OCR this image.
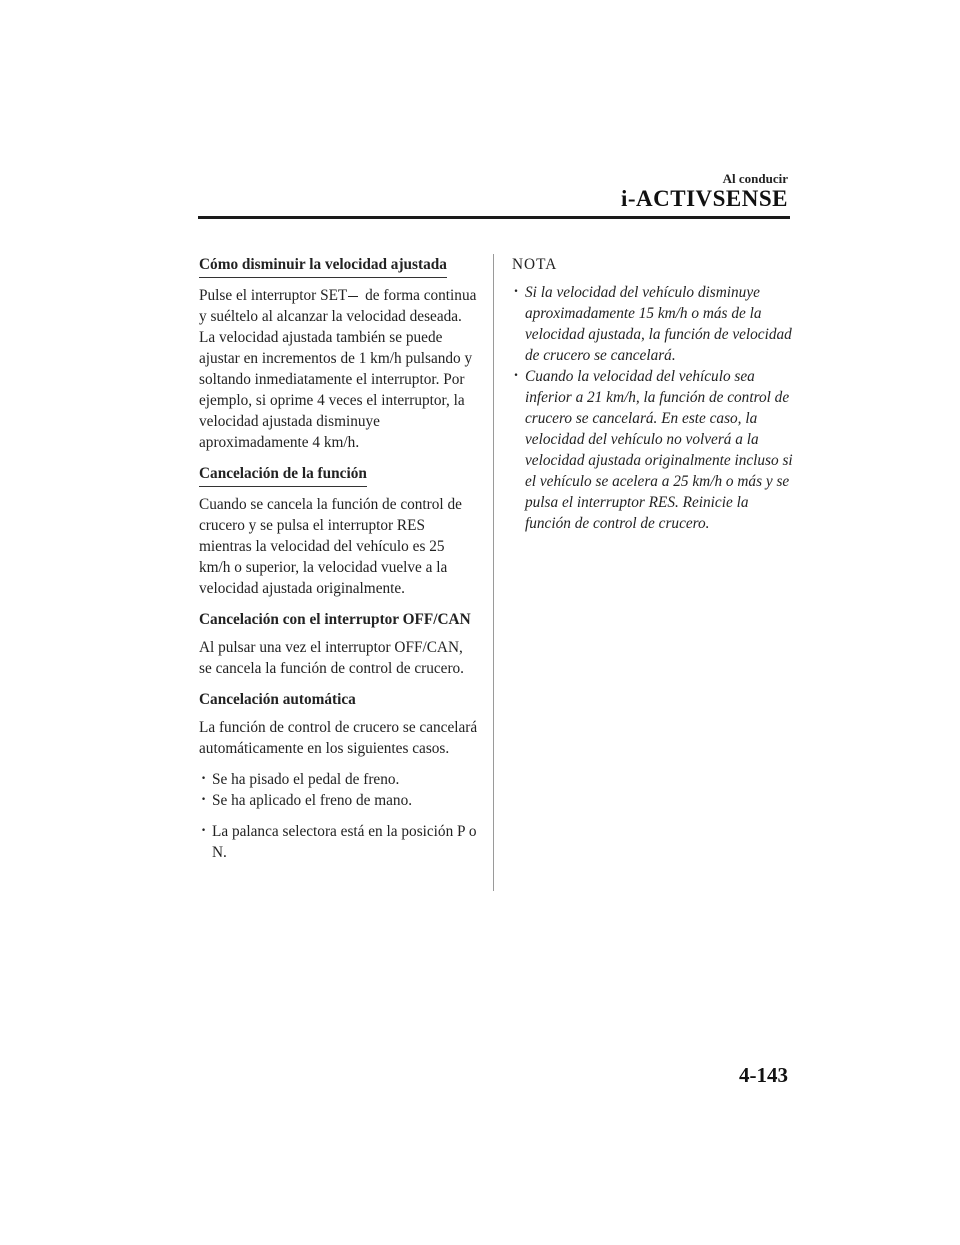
Al conducir
i-ACTIVSENSE
Cómo disminuir la velocidad ajustada

Pulse el interruptor SET de forma continua y suéltelo al alcanzar la velocidad deseada.

La velocidad ajustada también se puede ajustar en incrementos de 1 km/h pulsando y soltando inmediatamente el interruptor. Por ejemplo, si oprime 4 veces el interruptor, la velocidad ajustada disminuye aproximadamente 4 km/h.

Cancelación de la función

Cuando se cancela la función de control de crucero y se pulsa el interruptor RES mientras la velocidad del vehículo es 25 km/h o superior, la velocidad vuelve a la velocidad ajustada originalmente.

Cancelación con el interruptor OFF/CAN

Al pulsar una vez el interruptor OFF/CAN, se cancela la función de control de crucero.

Cancelación automática

La función de control de crucero se cancelará automáticamente en los siguientes casos.

· Se ha pisado el pedal de freno.
· Se ha aplicado el freno de mano.
· La palanca selectora está en la posición P o N.
NOTA
· Si la velocidad del vehículo disminuye aproximadamente 15 km/h o más de la velocidad ajustada, la función de velocidad de crucero se cancelará.
· Cuando la velocidad del vehículo sea inferior a 21 km/h, la función de control de crucero se cancelará. En este caso, la velocidad del vehículo no volverá a la velocidad ajustada originalmente incluso si el vehículo se acelera a 25 km/h o más y se pulsa el interruptor RES. Reinicie la función de control de crucero.
4-143
